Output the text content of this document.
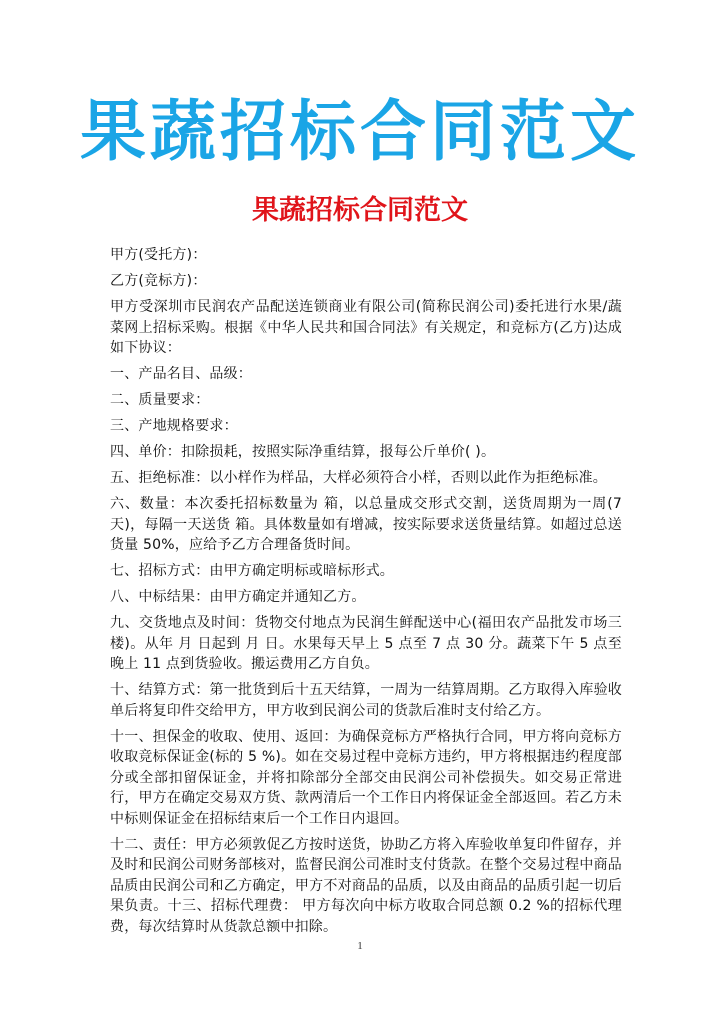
果蔬招标合同范文
果蔬招标合同范文

甲方(受托方)：

乙方(竞标方)：

甲方受深圳市民润农产品配送连锁商业有限公司(简称民润公司)委托进行水果/蔬菜网上招标采购。根据《中华人民共和国合同法》有关规定，和竞标方(乙方)达成如下协议：

一、产品名目、品级：

二、质量要求：

三、产地规格要求：

四、单价：扣除损耗，按照实际净重结算，报每公斤单价( )。

五、拒绝标准：以小样作为样品，大样必须符合小样，否则以此作为拒绝标准。

六、数量：本次委托招标数量为 箱，以总量成交形式交割，送货周期为一周(7天)，每隔一天送货 箱。具体数量如有增减，按实际要求送货量结算。如超过总送货量 50%，应给予乙方合理备货时间。

七、招标方式：由甲方确定明标或暗标形式。

八、中标结果：由甲方确定并通知乙方。

九、交货地点及时间：货物交付地点为民润生鲜配送中心(福田农产品批发市场三楼)。从年 月 日起到 月 日。水果每天早上 5 点至 7 点 30 分。蔬菜下午 5 点至晚上 11 点到货验收。搬运费用乙方自负。

十、结算方式：第一批货到后十五天结算，一周为一结算周期。乙方取得入库验收单后将复印件交给甲方，甲方收到民润公司的货款后准时支付给乙方。

十一、担保金的收取、使用、返回：为确保竞标方严格执行合同，甲方将向竞标方收取竞标保证金(标的 5 %)。如在交易过程中竞标方违约，甲方将根据违约程度部分或全部扣留保证金，并将扣除部分全部交由民润公司补偿损失。如交易正常进行，甲方在确定交易双方货、款两清后一个工作日内将保证金全部返回。若乙方未中标则保证金在招标结束后一个工作日内退回。

十二、责任：甲方必须敦促乙方按时送货，协助乙方将入库验收单复印件留存，并及时和民润公司财务部核对，监督民润公司准时支付货款。在整个交易过程中商品品质由民润公司和乙方确定，甲方不对商品的品质，以及由商品的品质引起一切后果负责。十三、招标代理费： 甲方每次向中标方收取合同总额 0.2 %的招标代理费，每次结算时从货款总额中扣除。

1
